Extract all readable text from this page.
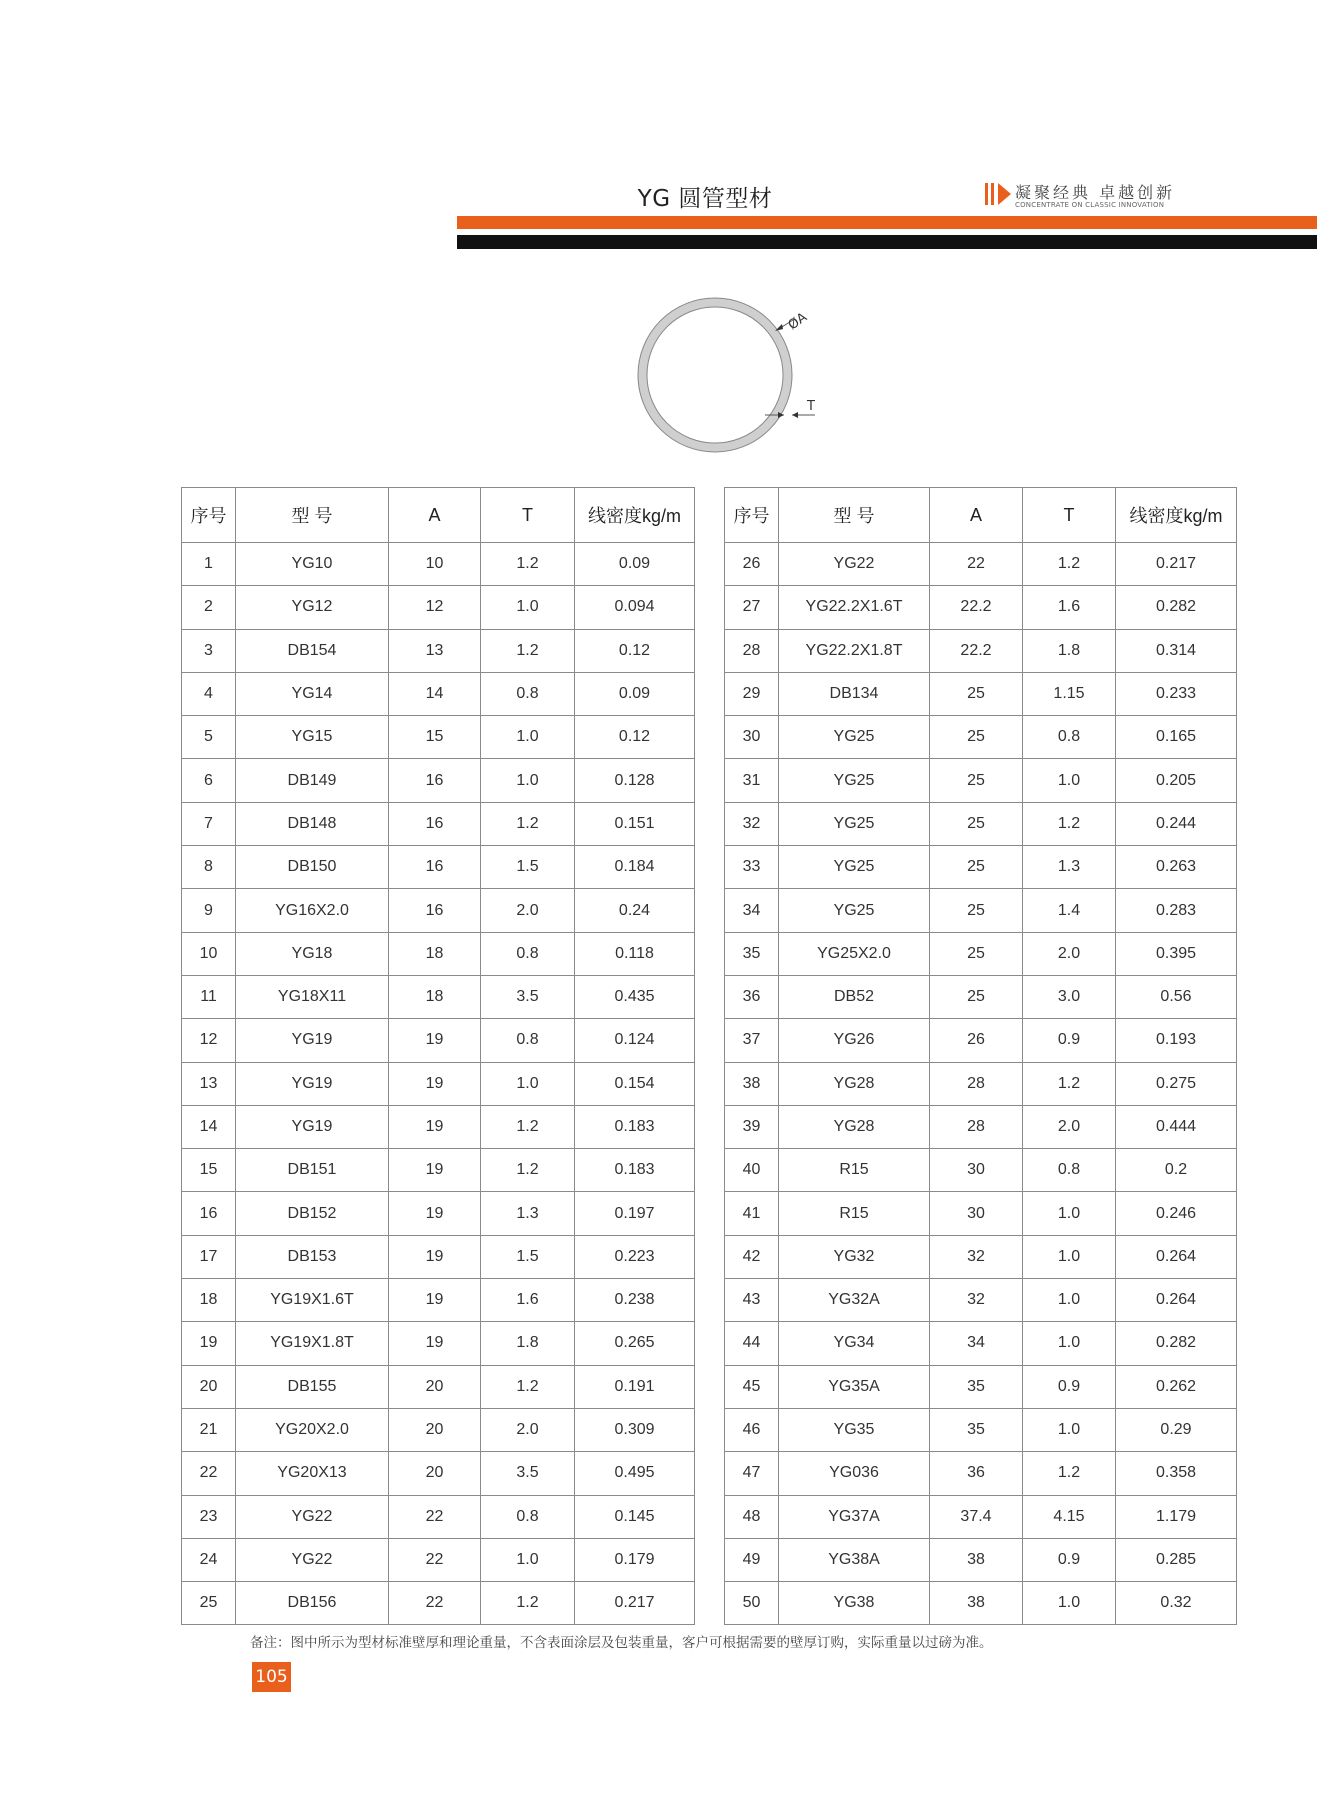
YG 圆管型材	凝聚经典 卓越创新
CONCENTRATE ON CLASSIC INNOVATION
ØA
T
序号	型 号	A	T	线密度kg/m
1	YG10	10	1.2	0.09
2	YG12	12	1.0	0.094
3	DB154	13	1.2	0.12
4	YG14	14	0.8	0.09
5	YG15	15	1.0	0.12
6	DB149	16	1.0	0.128
7	DB148	16	1.2	0.151
8	DB150	16	1.5	0.184
9	YG16X2.0	16	2.0	0.24
10	YG18	18	0.8	0.118
11	YG18X11	18	3.5	0.435
12	YG19	19	0.8	0.124
13	YG19	19	1.0	0.154
14	YG19	19	1.2	0.183
15	DB151	19	1.2	0.183
16	DB152	19	1.3	0.197
17	DB153	19	1.5	0.223
18	YG19X1.6T	19	1.6	0.238
19	YG19X1.8T	19	1.8	0.265
20	DB155	20	1.2	0.191
21	YG20X2.0	20	2.0	0.309
22	YG20X13	20	3.5	0.495
23	YG22	22	0.8	0.145
24	YG22	22	1.0	0.179
25	DB156	22	1.2	0.217
序号	型 号	A	T	线密度kg/m
26	YG22	22	1.2	0.217
27	YG22.2X1.6T	22.2	1.6	0.282
28	YG22.2X1.8T	22.2	1.8	0.314
29	DB134	25	1.15	0.233
30	YG25	25	0.8	0.165
31	YG25	25	1.0	0.205
32	YG25	25	1.2	0.244
33	YG25	25	1.3	0.263
34	YG25	25	1.4	0.283
35	YG25X2.0	25	2.0	0.395
36	DB52	25	3.0	0.56
37	YG26	26	0.9	0.193
38	YG28	28	1.2	0.275
39	YG28	28	2.0	0.444
40	R15	30	0.8	0.2
41	R15	30	1.0	0.246
42	YG32	32	1.0	0.264
43	YG32A	32	1.0	0.264
44	YG34	34	1.0	0.282
45	YG35A	35	0.9	0.262
46	YG35	35	1.0	0.29
47	YG036	36	1.2	0.358
48	YG37A	37.4	4.15	1.179
49	YG38A	38	0.9	0.285
50	YG38	38	1.0	0.32
备注：图中所示为型材标准壁厚和理论重量，不含表面涂层及包装重量，客户可根据需要的壁厚订购，实际重量以过磅为准。
105
